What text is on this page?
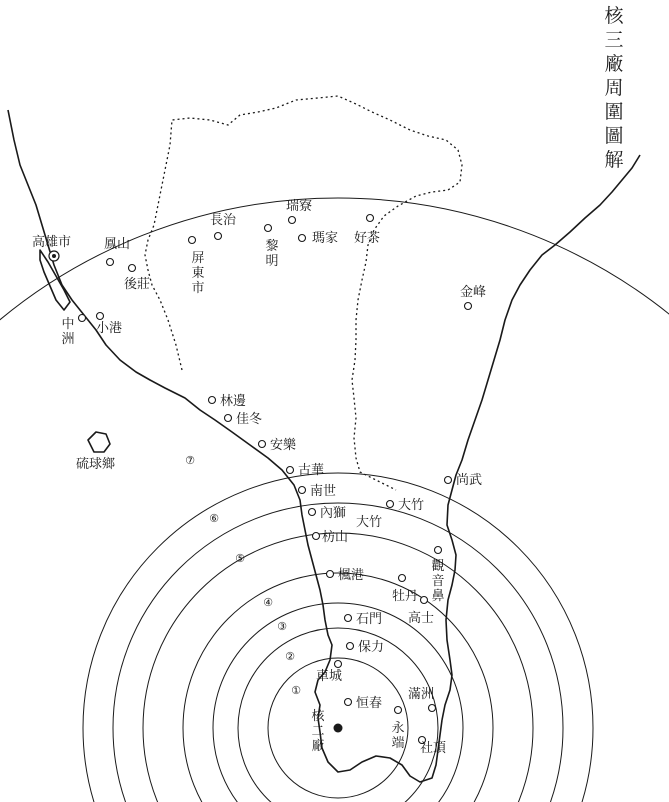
核
三
廠
周
圍
圖
解
高雄市
核二廠
鳳山
後莊
中洲
小港
屏東市
長治
黎明
瑞寮
瑪家 好茶
金峰
林邊
佳冬
硫球鄉
安樂
古華
南世
內獅
枋山
大竹
大竹
尚武
楓港
觀音鼻
牡丹
高士
石門
保力
車城
恒春
滿洲
永端 社頂
①
②
③
④
⑤
⑥
⑦
